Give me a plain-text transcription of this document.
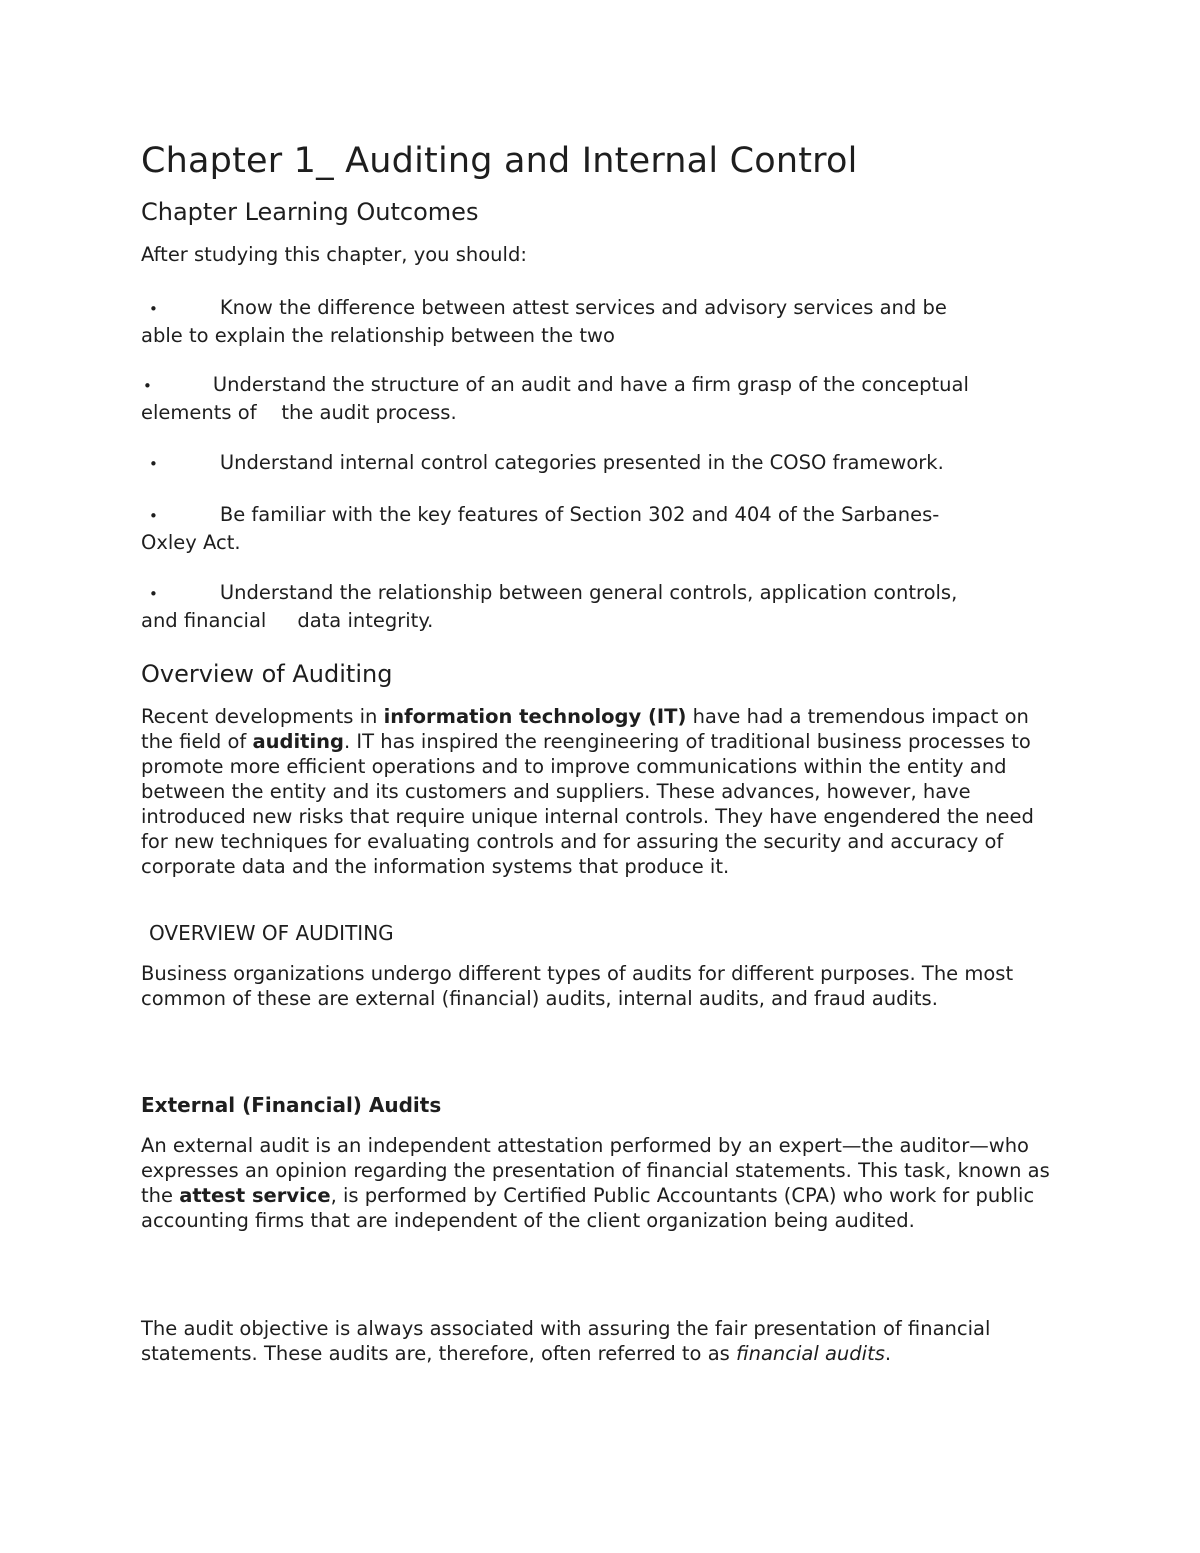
Chapter 1_ Auditing and Internal Control
Chapter Learning Outcomes

After studying this chapter, you should:

•	Know the difference between attest services and advisory services and be
able to explain the relationship between the two
•	Understand the structure of an audit and have a firm grasp of the conceptual
elements of    the audit process.
•	Understand internal control categories presented in the COSO framework.
•	Be familiar with the key features of Section 302 and 404 of the Sarbanes-
Oxley Act.
•	Understand the relationship between general controls, application controls,
and financial     data integrity.
Overview of Auditing

Recent developments in information technology (IT) have had a tremendous impact on the field of auditing. IT has inspired the reengineering of traditional business processes to promote more efficient operations and to improve communications within the entity and between the entity and its customers and suppliers. These advances, however, have introduced new risks that require unique internal controls. They have engendered the need for new techniques for evaluating controls and for assuring the security and accuracy of corporate data and the information systems that produce it.

OVERVIEW OF AUDITING

Business organizations undergo different types of audits for different purposes. The most common of these are external (financial) audits, internal audits, and fraud audits.

External (Financial) Audits

An external audit is an independent attestation performed by an expert—the auditor—who expresses an opinion regarding the presentation of financial statements. This task, known as the attest service, is performed by Certified Public Accountants (CPA) who work for public accounting firms that are independent of the client organization being audited.

The audit objective is always associated with assuring the fair presentation of financial statements. These audits are, therefore, often referred to as financial audits.
